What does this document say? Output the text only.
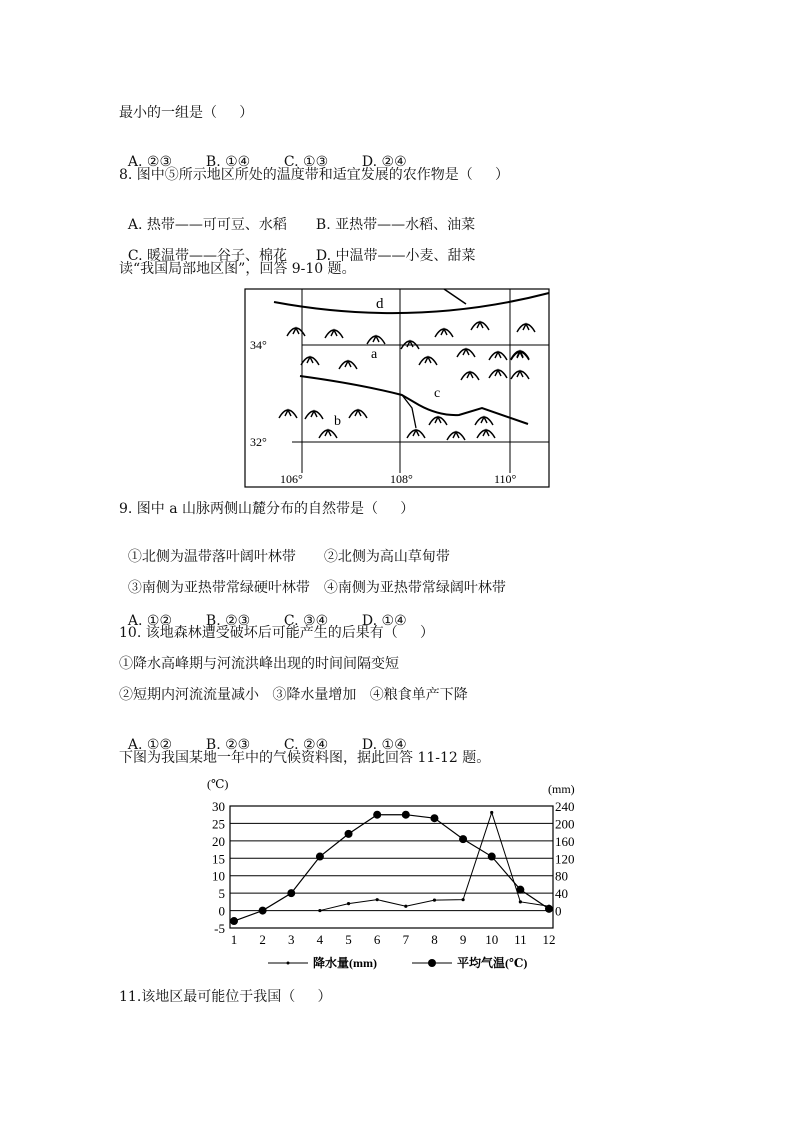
最小的一组是（     ）

A. ②③ B. ①④ C. ①③ D. ②④

8. 图中⑤所示地区所处的温度带和适宜发展的农作物是（     ）

A. 热带——可可豆、水稻 B. 亚热带——水稻、油菜

C. 暖温带——谷子、棉花 D. 中温带——小麦、甜菜

读“我国局部地区图”，回答 9-10 题。
d
a
c
b
34°
32°
106°	108°	110°
9. 图中 a 山脉两侧山麓分布的自然带是（     ）

①北侧为温带落叶阔叶林带 ②北侧为高山草甸带

③南侧为亚热带常绿硬叶林带 ④南侧为亚热带常绿阔叶林带

A. ①② B. ②③ C. ③④ D. ①④

10. 该地森林遭受破坏后可能产生的后果有（     ）
①降水高峰期与河流洪峰出现的时间间隔变短
②短期内河流流量减小   ③降水量增加   ④粮食单产下降

A. ①② B. ②③ C. ②④ D. ①④

下图为我国某地一年中的气候资料图，据此回答 11-12 题。
30
25
20
15
10
5
0
-5
240
200
160
120
80
40
0
1 2 3 4 5 6 7 8 9 10 11 12
(℃)	(mm)
降水量(mm)	平均气温(℃)
11.该地区最可能位于我国（     ）
